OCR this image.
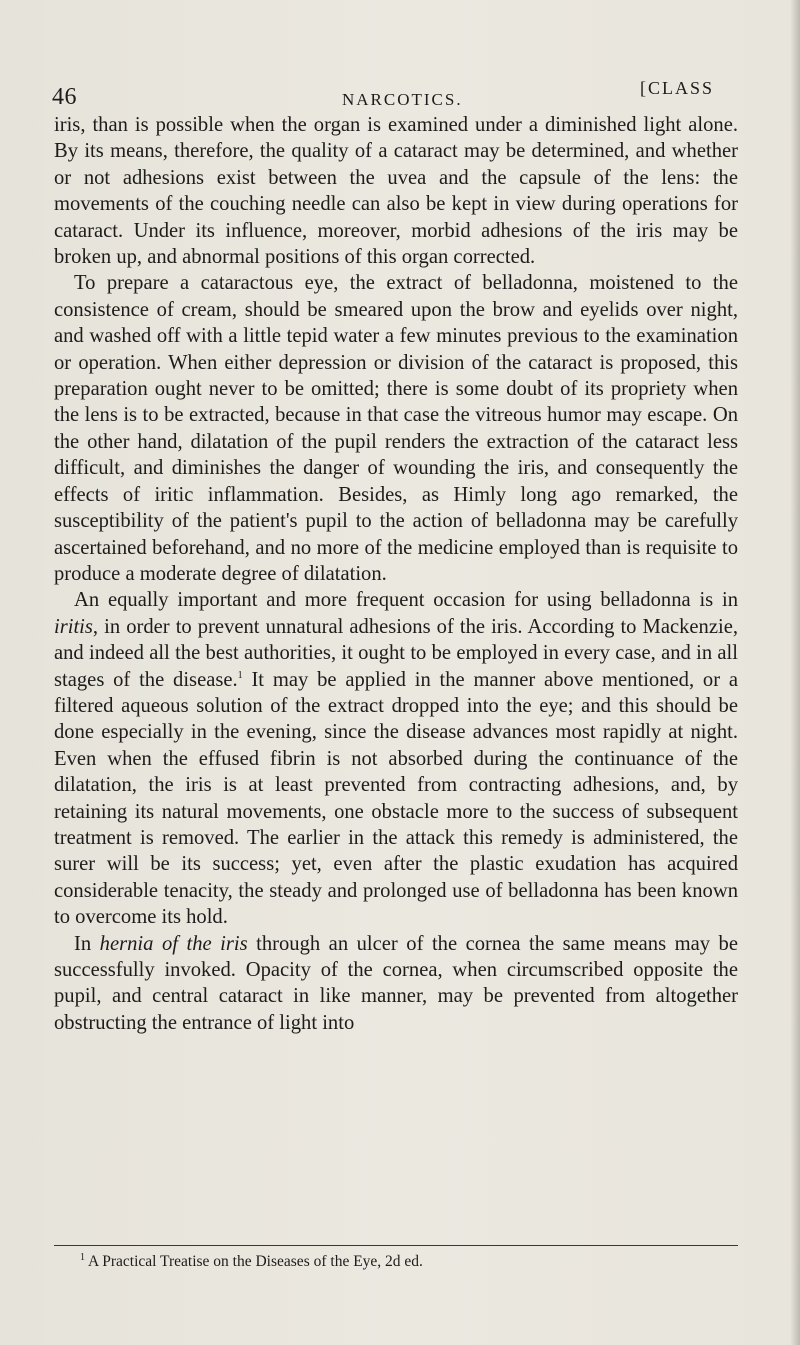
46	NARCOTICS.
[CLASS

iris, than is possible when the organ is examined under a diminished light alone. By its means, therefore, the quality of a cataract may be determined, and whether or not adhesions exist between the uvea and the capsule of the lens: the movements of the couching needle can also be kept in view during operations for cataract. Under its influence, moreover, morbid adhesions of the iris may be broken up, and abnormal positions of this organ corrected.

To prepare a cataractous eye, the extract of belladonna, moistened to the consistence of cream, should be smeared upon the brow and eyelids over night, and washed off with a little tepid water a few minutes previous to the examination or operation. When either depression or division of the cataract is proposed, this preparation ought never to be omitted; there is some doubt of its propriety when the lens is to be extracted, because in that case the vitreous humor may escape. On the other hand, dilatation of the pupil renders the extraction of the cataract less difficult, and diminishes the danger of wounding the iris, and consequently the effects of iritic inflammation. Besides, as Himly long ago remarked, the susceptibility of the patient's pupil to the action of belladonna may be carefully ascertained beforehand, and no more of the medicine employed than is requisite to produce a moderate degree of dilatation.

An equally important and more frequent occasion for using belladonna is in iritis, in order to prevent unnatural adhesions of the iris. According to Mackenzie, and indeed all the best authorities, it ought to be employed in every case, and in all stages of the disease.$^1$ It may be applied in the manner above mentioned, or a filtered aqueous solution of the extract dropped into the eye; and this should be done especially in the evening, since the disease advances most rapidly at night. Even when the effused fibrin is not absorbed during the continuance of the dilatation, the iris is at least prevented from contracting adhesions, and, by retaining its natural movements, one obstacle more to the success of subsequent treatment is removed. The earlier in the attack this remedy is administered, the surer will be its success; yet, even after the plastic exudation has acquired considerable tenacity, the steady and prolonged use of belladonna has been known to overcome its hold.

In hernia of the iris through an ulcer of the cornea the same means may be successfully invoked. Opacity of the cornea, when circumscribed opposite the pupil, and central cataract in like manner, may be prevented from altogether obstructing the entrance of light into

$^1$ A Practical Treatise on the Diseases of the Eye, 2d ed.
